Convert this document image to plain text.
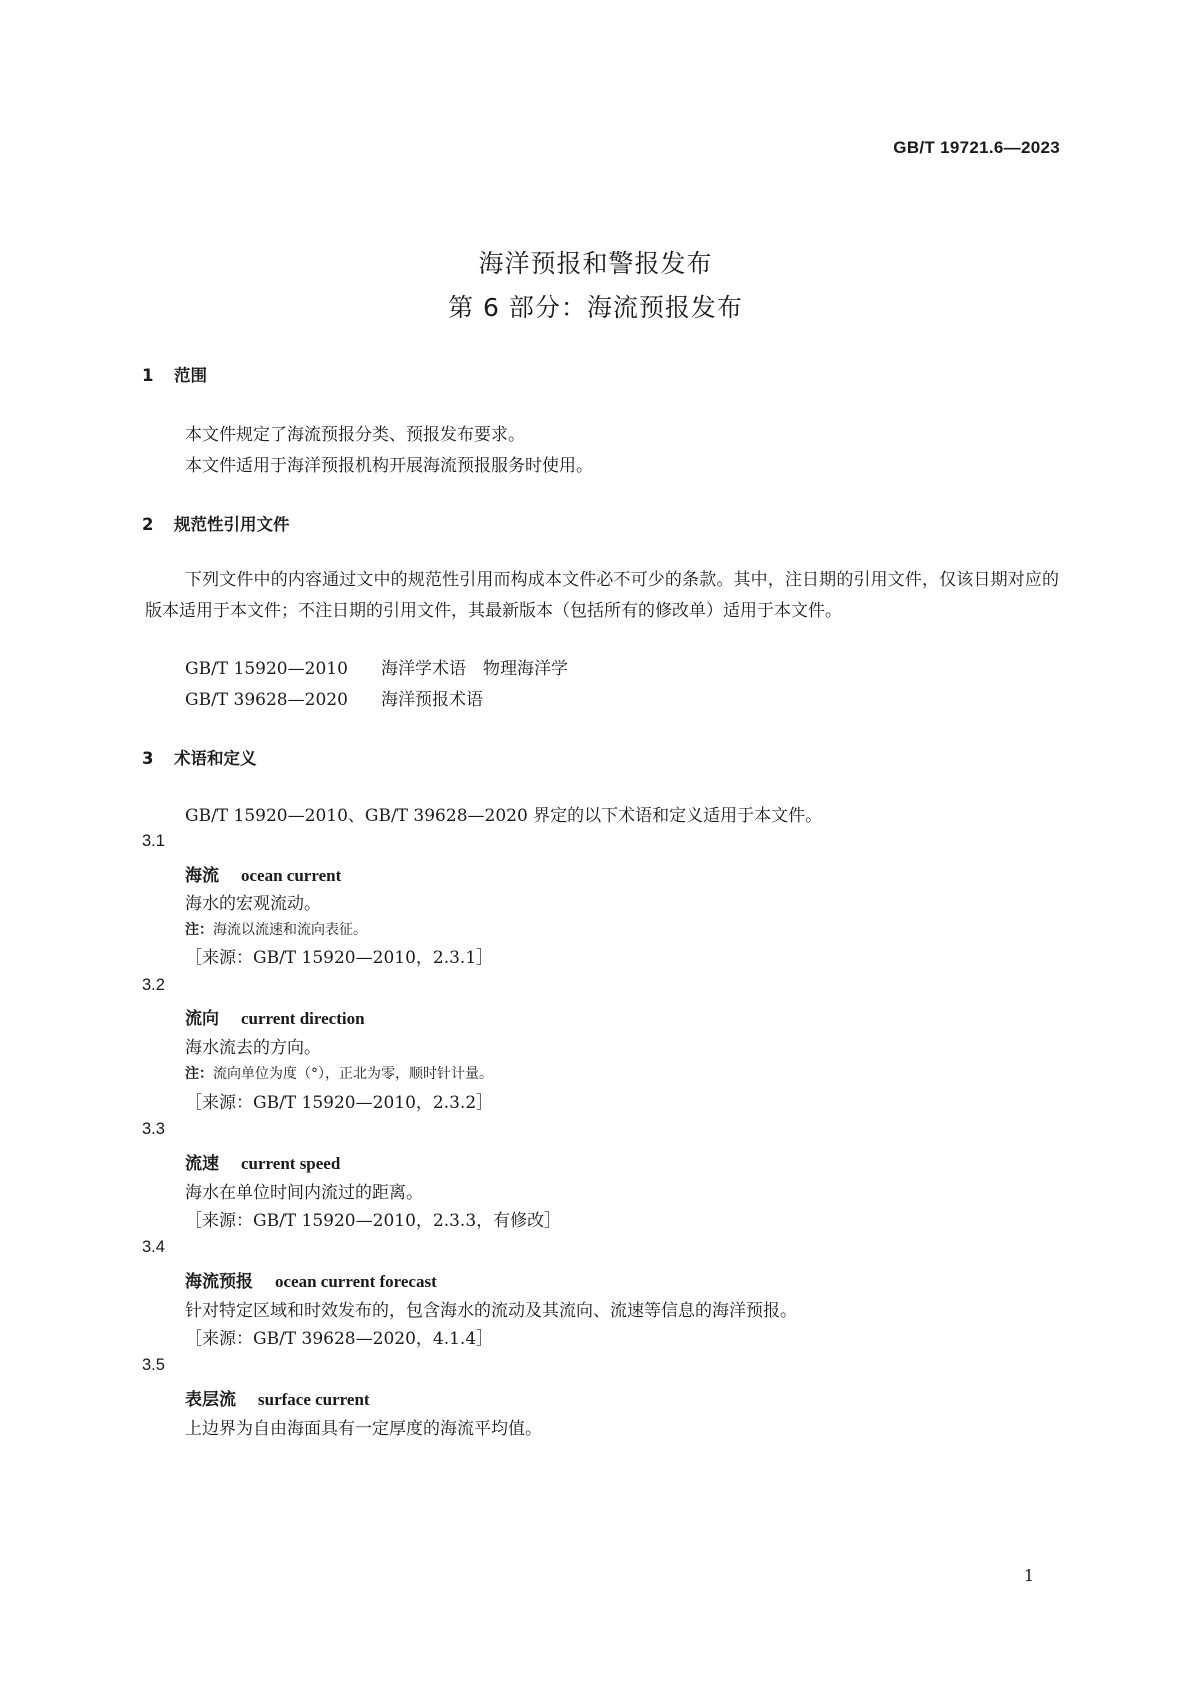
GB/T 19721.6—2023
海洋预报和警报发布
第 6 部分：海流预报发布
1 范围
本文件规定了海流预报分类、预报发布要求。
本文件适用于海洋预报机构开展海流预报服务时使用。
2 规范性引用文件
下列文件中的内容通过文中的规范性引用而构成本文件必不可少的条款。其中，注日期的引用文件，仅该日期对应的版本适用于本文件；不注日期的引用文件，其最新版本（包括所有的修改单）适用于本文件。
GB/T 15920—2010 海洋学术语　物理海洋学
GB/T 39628—2020 海洋预报术语
3 术语和定义
GB/T 15920—2010、GB/T 39628—2020 界定的以下术语和定义适用于本文件。
3.1
海流 ocean current
海水的宏观流动。
注：海流以流速和流向表征。
［来源：GB/T 15920—2010，2.3.1］
3.2
流向 current direction
海水流去的方向。
注：流向单位为度（°），正北为零，顺时针计量。
［来源：GB/T 15920—2010，2.3.2］
3.3
流速 current speed
海水在单位时间内流过的距离。
［来源：GB/T 15920—2010，2.3.3，有修改］
3.4
海流预报 ocean current forecast
针对特定区域和时效发布的，包含海水的流动及其流向、流速等信息的海洋预报。
［来源：GB/T 39628—2020，4.1.4］
3.5
表层流 surface current
上边界为自由海面具有一定厚度的海流平均值。
1
